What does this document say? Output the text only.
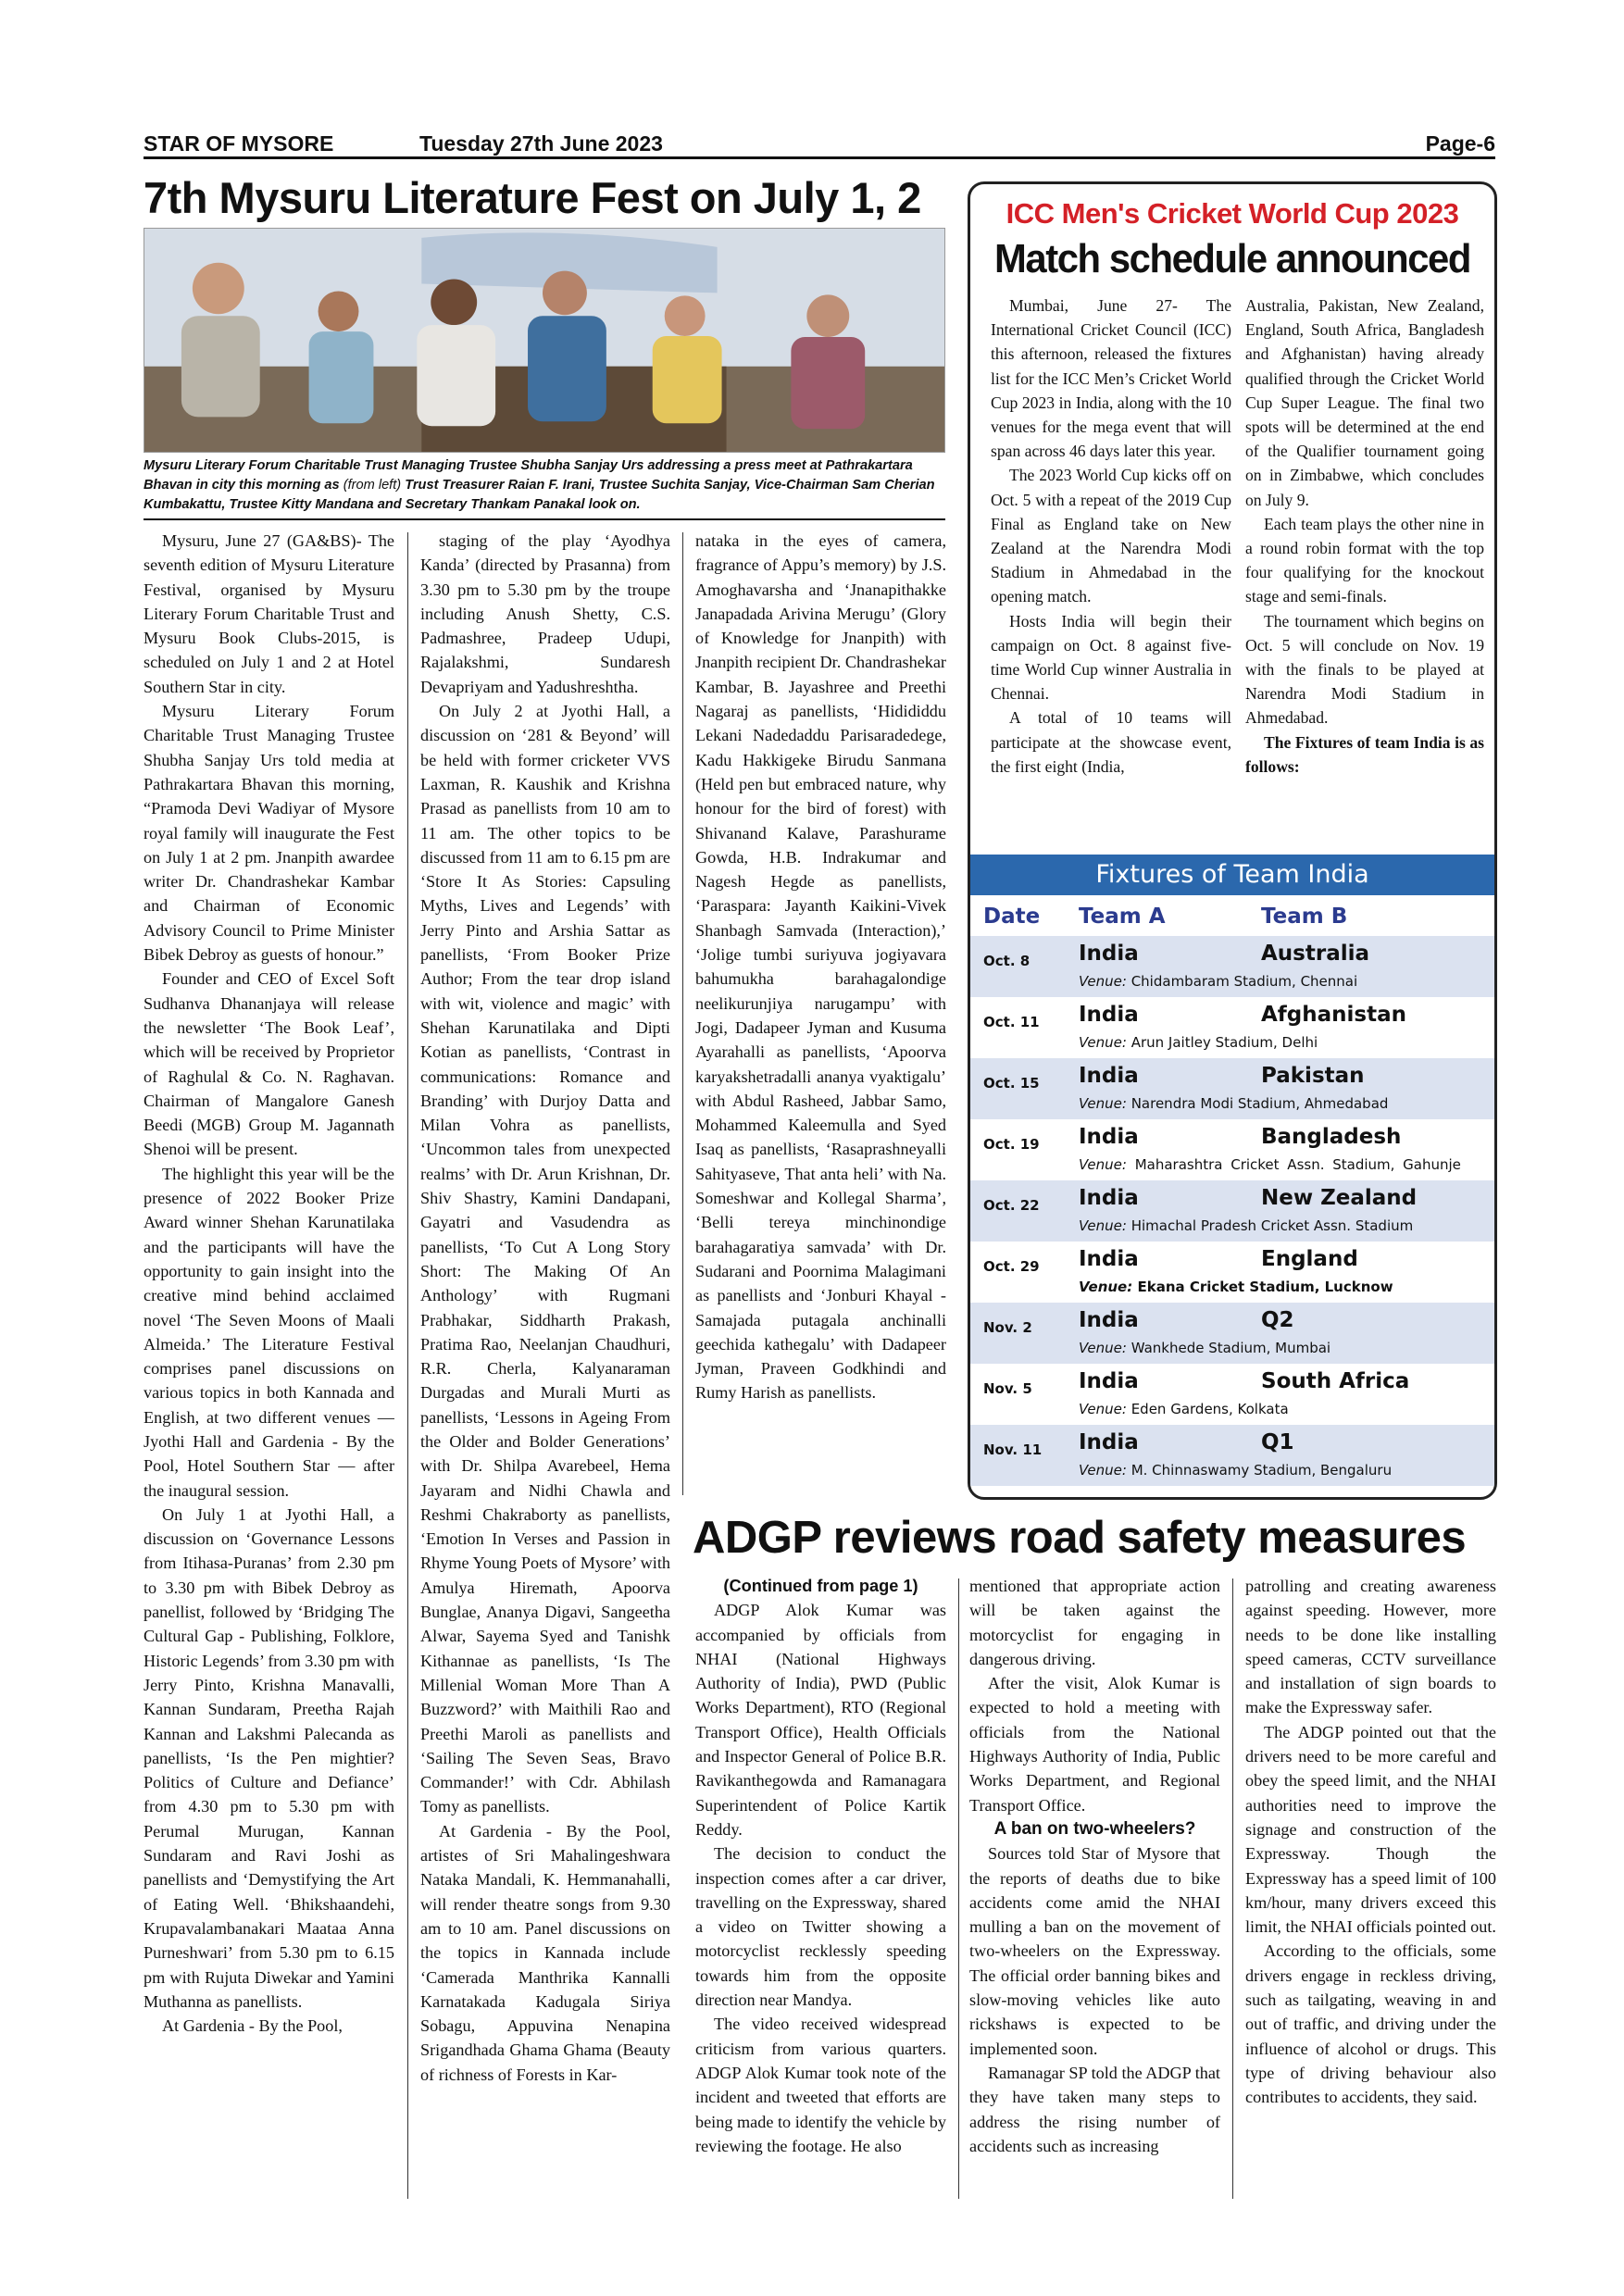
STAR OF MYSORE	Tuesday 27th June 2023	Page-6
7th Mysuru Literature Fest on July 1, 2
Mysuru Literary Forum Charitable Trust Managing Trustee Shubha Sanjay Urs addressing a press meet at Pathrakartara Bhavan in city this morning as (from left) Trust Treasurer Raian F. Irani, Trustee Suchita Sanjay, Vice-Chairman Sam Cherian Kumbakattu, Trustee Kitty Mandana and Secretary Thankam Panakal look on.

Mysuru, June 27 (GA&BS)- The seventh edition of Mysuru Literature Festival, organised by Mysuru Literary Forum Charitable Trust and Mysuru Book Clubs-2015, is scheduled on July 1 and 2 at Hotel Southern Star in city.

Mysuru Literary Forum Charitable Trust Managing Trustee Shubha Sanjay Urs told media at Pathrakartara Bhavan this morning, “Pramoda Devi Wadiyar of Mysore royal family will inaugurate the Fest on July 1 at 2 pm. Jnanpith awardee writer Dr. Chandrashekar Kambar and Chairman of Economic Advisory Council to Prime Minister Bibek Debroy as guests of honour.”

Founder and CEO of Excel Soft Sudhanva Dhananjaya will release the newsletter ‘The Book Leaf’, which will be received by Proprietor of Raghulal & Co. N. Raghavan. Chairman of Mangalore Ganesh Beedi (MGB) Group M. Jagannath Shenoi will be present.

The highlight this year will be the presence of 2022 Booker Prize Award winner Shehan Karunatilaka and the participants will have the opportunity to gain insight into the creative mind behind acclaimed novel ‘The Seven Moons of Maali Almeida.’ The Literature Festival comprises panel discussions on various topics in both Kannada and English, at two different venues — Jyothi Hall and Gardenia - By the Pool, Hotel Southern Star — after the inaugural session.

On July 1 at Jyothi Hall, a discussion on ‘Governance Lessons from Itihasa-Puranas’ from 2.30 pm to 3.30 pm with Bibek Debroy as panellist, followed by ‘Bridging The Cultural Gap - Publishing, Folklore, Historic Legends’ from 3.30 pm with Jerry Pinto, Krishna Manavalli, Kannan Sundaram, Preetha Rajah Kannan and Lakshmi Palecanda as panellists, ‘Is the Pen mightier? Politics of Culture and Defiance’ from 4.30 pm to 5.30 pm with Perumal Murugan, Kannan Sundaram and Ravi Joshi as panellists and ‘Demystifying the Art of Eating Well. ‘Bhikshaandehi, Krupavalambanakari Maataa Anna Purneshwari’ from 5.30 pm to 6.15 pm with Rujuta Diwekar and Yamini Muthanna as panellists.

At Gardenia - By the Pool,

staging of the play ‘Ayodhya Kanda’ (directed by Prasanna) from 3.30 pm to 5.30 pm by the troupe including Anush Shetty, C.S. Padmashree, Pradeep Udupi, Rajalakshmi, Sundaresh Devapriyam and Yadushreshtha.

On July 2 at Jyothi Hall, a discussion on ‘281 & Beyond’ will be held with former cricketer VVS Laxman, R. Kaushik and Krishna Prasad as panellists from 10 am to 11 am. The other topics to be discussed from 11 am to 6.15 pm are ‘Store It As Stories: Capsuling Myths, Lives and Legends’ with Jerry Pinto and Arshia Sattar as panellists, ‘From Booker Prize Author; From the tear drop island with wit, violence and magic’ with Shehan Karunatilaka and Dipti Kotian as panellists, ‘Contrast in communications: Romance and Branding’ with Durjoy Datta and Milan Vohra as panellists, ‘Uncommon tales from unexpected realms’ with Dr. Arun Krishnan, Dr. Shiv Shastry, Kamini Dandapani, Gayatri and Vasudendra as panellists, ‘To Cut A Long Story Short: The Making Of An Anthology’ with Rugmani Prabhakar, Siddharth Prakash, Pratima Rao, Neelanjan Chaudhuri, R.R. Cherla, Kalyanaraman Durgadas and Murali Murti as panellists, ‘Lessons in Ageing From the Older and Bolder Generations’ with Dr. Shilpa Avarebeel, Hema Jayaram and Nidhi Chawla and Reshmi Chakraborty as panellists, ‘Emotion In Verses and Passion in Rhyme Young Poets of Mysore’ with Amulya Hiremath, Apoorva Bunglae, Ananya Digavi, Sangeetha Alwar, Sayema Syed and Tanishk Kithannae as panellists, ‘Is The Millenial Woman More Than A Buzzword?’ with Maithili Rao and Preethi Maroli as panellists and ‘Sailing The Seven Seas, Bravo Commander!’ with Cdr. Abhilash Tomy as panellists.

At Gardenia - By the Pool, artistes of Sri Mahalingeshwara Nataka Mandali, K. Hemmanahalli, will render theatre songs from 9.30 am to 10 am. Panel discussions on the topics in Kannada include ‘Camerada Manthrika Kannalli Karnatakada Kadugala Siriya Sobagu, Appuvina Nenapina Srigandhada Ghama Ghama (Beauty of richness of Forests in Kar-

nataka in the eyes of camera, fragrance of Appu’s memory) by J.S. Amoghavarsha and ‘Jnanapithakke Janapadada Arivina Merugu’ (Glory of Knowledge for Jnanpith) with Jnanpith recipient Dr. Chandrashekar Kambar, B. Jayashree and Preethi Nagaraj as panellists, ‘Hidididdu Lekani Nadedaddu Parisaradedege, Kadu Hakkigeke Birudu Sanmana (Held pen but embraced nature, why honour for the bird of forest) with Shivanand Kalave, Parashurame Gowda, H.B. Indrakumar and Nagesh Hegde as panellists, ‘Paraspara: Jayanth Kaikini-Vivek Shanbagh Samvada (Interaction),’ ‘Jolige tumbi suriyuva jogiyavara bahumukha barahagalondige neelikurunjiya narugampu’ with Jogi, Dadapeer Jyman and Kusuma Ayarahalli as panellists, ‘Apoorva karyakshetradalli ananya vyaktigalu’ with Abdul Rasheed, Jabbar Samo, Mohammed Kaleemulla and Syed Isaq as panellists, ‘Rasaprashneyalli Sahityaseve, That anta heli’ with Na. Someshwar and Kollegal Sharma’, ‘Belli tereya minchinondige barahagaratiya samvada’ with Dr. Sudarani and Poornima Malagimani as panellists and ‘Jonburi Khayal - Samajada putagala anchinalli geechida kathegalu’ with Dadapeer Jyman, Praveen Godkhindi and Rumy Harish as panellists.

ICC Men's Cricket World Cup 2023
Match schedule announced

Mumbai, June 27- The International Cricket Council (ICC) this afternoon, released the fixtures list for the ICC Men’s Cricket World Cup 2023 in India, along with the 10 venues for the mega event that will span across 46 days later this year.

The 2023 World Cup kicks off on Oct. 5 with a repeat of the 2019 Cup Final as England take on New Zealand at the Narendra Modi Stadium in Ahmedabad in the opening match.

Hosts India will begin their campaign on Oct. 8 against five-time World Cup winner Australia in Chennai.

A total of 10 teams will participate at the showcase event, the first eight (India,

Australia, Pakistan, New Zealand, England, South Africa, Bangladesh and Afghanistan) having already qualified through the Cricket World Cup Super League. The final two spots will be determined at the end of the Qualifier tournament going on in Zimbabwe, which concludes on July 9.

Each team plays the other nine in a round robin format with the top four qualifying for the knockout stage and semi-finals.

The tournament which begins on Oct. 5 will conclude on Nov. 19 with the finals to be played at Narendra Modi Stadium in Ahmedabad.

The Fixtures of team India is as follows:

Fixtures of Team India
Date Team A	Team B
Oct. 8 India	Australia
Venue: Chidambaram Stadium, Chennai
Oct. 11 India	Afghanistan
Venue: Arun Jaitley Stadium, Delhi
Oct. 15 India	Pakistan
Venue: Narendra Modi Stadium, Ahmedabad
Oct. 19 India	Bangladesh
Venue: Maharashtra Cricket Assn. Stadium, Gahunje
Oct. 22 India	New Zealand
Venue: Himachal Pradesh Cricket Assn. Stadium
Oct. 29 India	England
Venue: Ekana Cricket Stadium, Lucknow
Nov. 2 India	Q2
Venue: Wankhede Stadium, Mumbai
Nov. 5 India	South Africa
Venue: Eden Gardens, Kolkata
Nov. 11 India	Q1
Venue: M. Chinnaswamy Stadium, Bengaluru
ADGP reviews road safety measures

(Continued from page 1)

ADGP Alok Kumar was accompanied by officials from NHAI (National Highways Authority of India), PWD (Public Works Department), RTO (Regional Transport Office), Health Officials and Inspector General of Police B.R. Ravikanthegowda and Ramanagara Superintendent of Police Kartik Reddy.

The decision to conduct the inspection comes after a car driver, travelling on the Expressway, shared a video on Twitter showing a motorcyclist recklessly speeding towards him from the opposite direction near Mandya.

The video received widespread criticism from various quarters. ADGP Alok Kumar took note of the incident and tweeted that efforts are being made to identify the vehicle by reviewing the footage. He also

mentioned that appropriate action will be taken against the motorcyclist for engaging in dangerous driving.

After the visit, Alok Kumar is expected to hold a meeting with officials from the National Highways Authority of India, Public Works Department, and Regional Transport Office.

A ban on two-wheelers?

Sources told Star of Mysore that the reports of deaths due to bike accidents come amid the NHAI mulling a ban on the movement of two-wheelers on the Expressway. The official order banning bikes and slow-moving vehicles like auto rickshaws is expected to be implemented soon.

Ramanagar SP told the ADGP that they have taken many steps to address the rising number of accidents such as increasing

patrolling and creating awareness against speeding. However, more needs to be done like installing speed cameras, CCTV surveillance and installation of sign boards to make the Expressway safer.

The ADGP pointed out that the drivers need to be more careful and obey the speed limit, and the NHAI authorities need to improve the signage and construction of the Expressway. Though the Expressway has a speed limit of 100 km/hour, many drivers exceed this limit, the NHAI officials pointed out.

According to the officials, some drivers engage in reckless driving, such as tailgating, weaving in and out of traffic, and driving under the influence of alcohol or drugs. This type of driving behaviour also contributes to accidents, they said.
